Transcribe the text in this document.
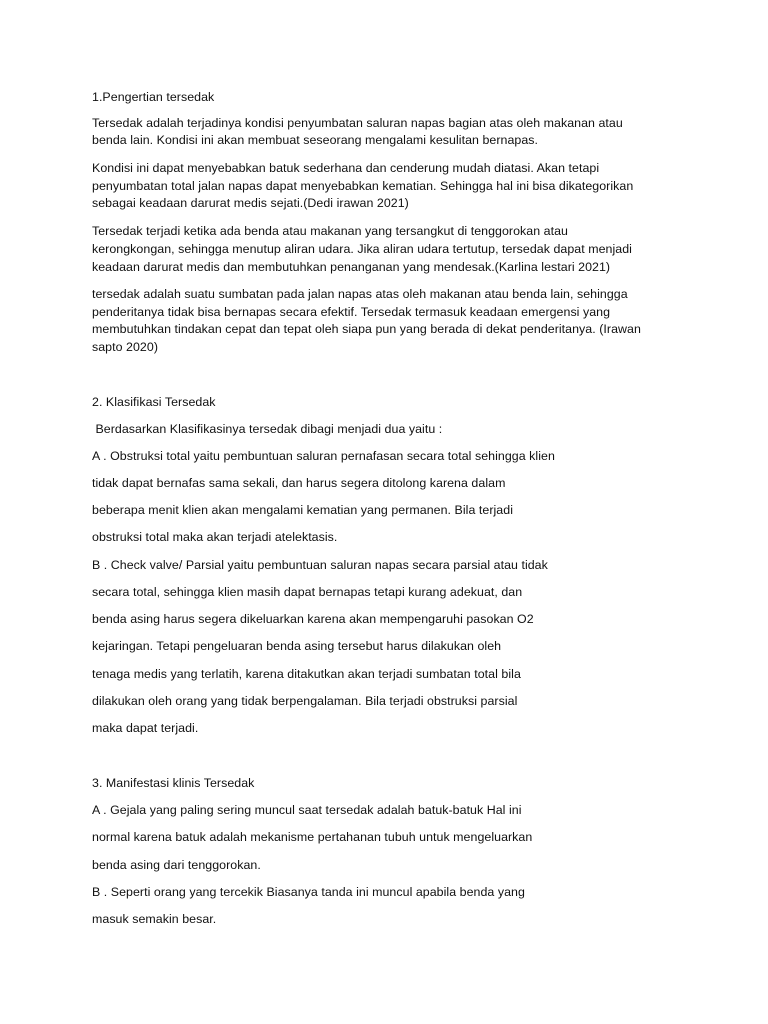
1.Pengertian tersedak

Tersedak adalah terjadinya kondisi penyumbatan saluran napas bagian atas oleh makanan atau

benda lain. Kondisi ini akan membuat seseorang mengalami kesulitan bernapas.

Kondisi ini dapat menyebabkan batuk sederhana dan cenderung mudah diatasi. Akan tetapi

penyumbatan total jalan napas dapat menyebabkan kematian. Sehingga hal ini bisa dikategorikan

sebagai keadaan darurat medis sejati.(Dedi irawan 2021)

Tersedak terjadi ketika ada benda atau makanan yang tersangkut di tenggorokan atau

kerongkongan, sehingga menutup aliran udara. Jika aliran udara tertutup, tersedak dapat menjadi

keadaan darurat medis dan membutuhkan penanganan yang mendesak.(Karlina lestari 2021)

tersedak adalah suatu sumbatan pada jalan napas atas oleh makanan atau benda lain, sehingga

penderitanya tidak bisa bernapas secara efektif. Tersedak termasuk keadaan emergensi yang

membutuhkan tindakan cepat dan tepat oleh siapa pun yang berada di dekat penderitanya. (Irawan

sapto 2020)

2. Klasifikasi Tersedak

Berdasarkan Klasifikasinya tersedak dibagi menjadi dua yaitu :

A . Obstruksi total yaitu pembuntuan saluran pernafasan secara total sehingga klien

tidak dapat bernafas sama sekali, dan harus segera ditolong karena dalam

beberapa menit klien akan mengalami kematian yang permanen. Bila terjadi

obstruksi total maka akan terjadi atelektasis.

B . Check valve/ Parsial yaitu pembuntuan saluran napas secara parsial atau tidak

secara total, sehingga klien masih dapat bernapas tetapi kurang adekuat, dan

benda asing harus segera dikeluarkan karena akan mempengaruhi pasokan O2

kejaringan. Tetapi pengeluaran benda asing tersebut harus dilakukan oleh

tenaga medis yang terlatih, karena ditakutkan akan terjadi sumbatan total bila

dilakukan oleh orang yang tidak berpengalaman. Bila terjadi obstruksi parsial

maka dapat terjadi.

3. Manifestasi klinis Tersedak

A . Gejala yang paling sering muncul saat tersedak adalah batuk-batuk Hal ini

normal karena batuk adalah mekanisme pertahanan tubuh untuk mengeluarkan

benda asing dari tenggorokan.

B . Seperti orang yang tercekik Biasanya tanda ini muncul apabila benda yang

masuk semakin besar.
